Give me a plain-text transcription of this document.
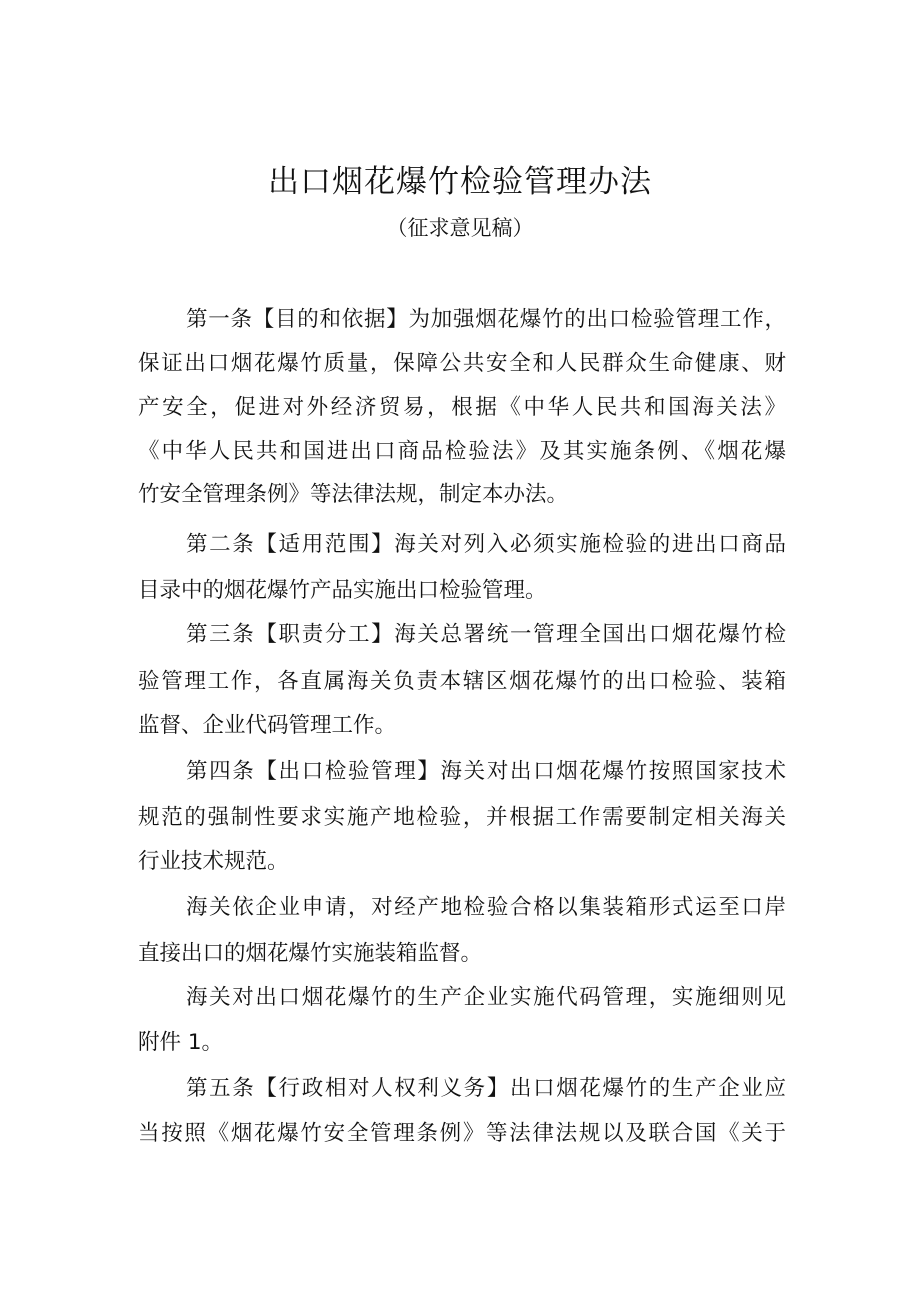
出口烟花爆竹检验管理办法
（征求意见稿）
第一条【目的和依据】为加强烟花爆竹的出口检验管理工作，
保证出口烟花爆竹质量，保障公共安全和人民群众生命健康、财
产安全，促进对外经济贸易，根据《中华人民共和国海关法》
《中华人民共和国进出口商品检验法》及其实施条例、《烟花爆
竹安全管理条例》等法律法规，制定本办法。
第二条【适用范围】海关对列入必须实施检验的进出口商品
目录中的烟花爆竹产品实施出口检验管理。
第三条【职责分工】海关总署统一管理全国出口烟花爆竹检
验管理工作，各直属海关负责本辖区烟花爆竹的出口检验、装箱
监督、企业代码管理工作。
第四条【出口检验管理】海关对出口烟花爆竹按照国家技术
规范的强制性要求实施产地检验，并根据工作需要制定相关海关
行业技术规范。
海关依企业申请，对经产地检验合格以集装箱形式运至口岸
直接出口的烟花爆竹实施装箱监督。
海关对出口烟花爆竹的生产企业实施代码管理，实施细则见
附件 1。
第五条【行政相对人权利义务】出口烟花爆竹的生产企业应
当按照《烟花爆竹安全管理条例》等法律法规以及联合国《关于
